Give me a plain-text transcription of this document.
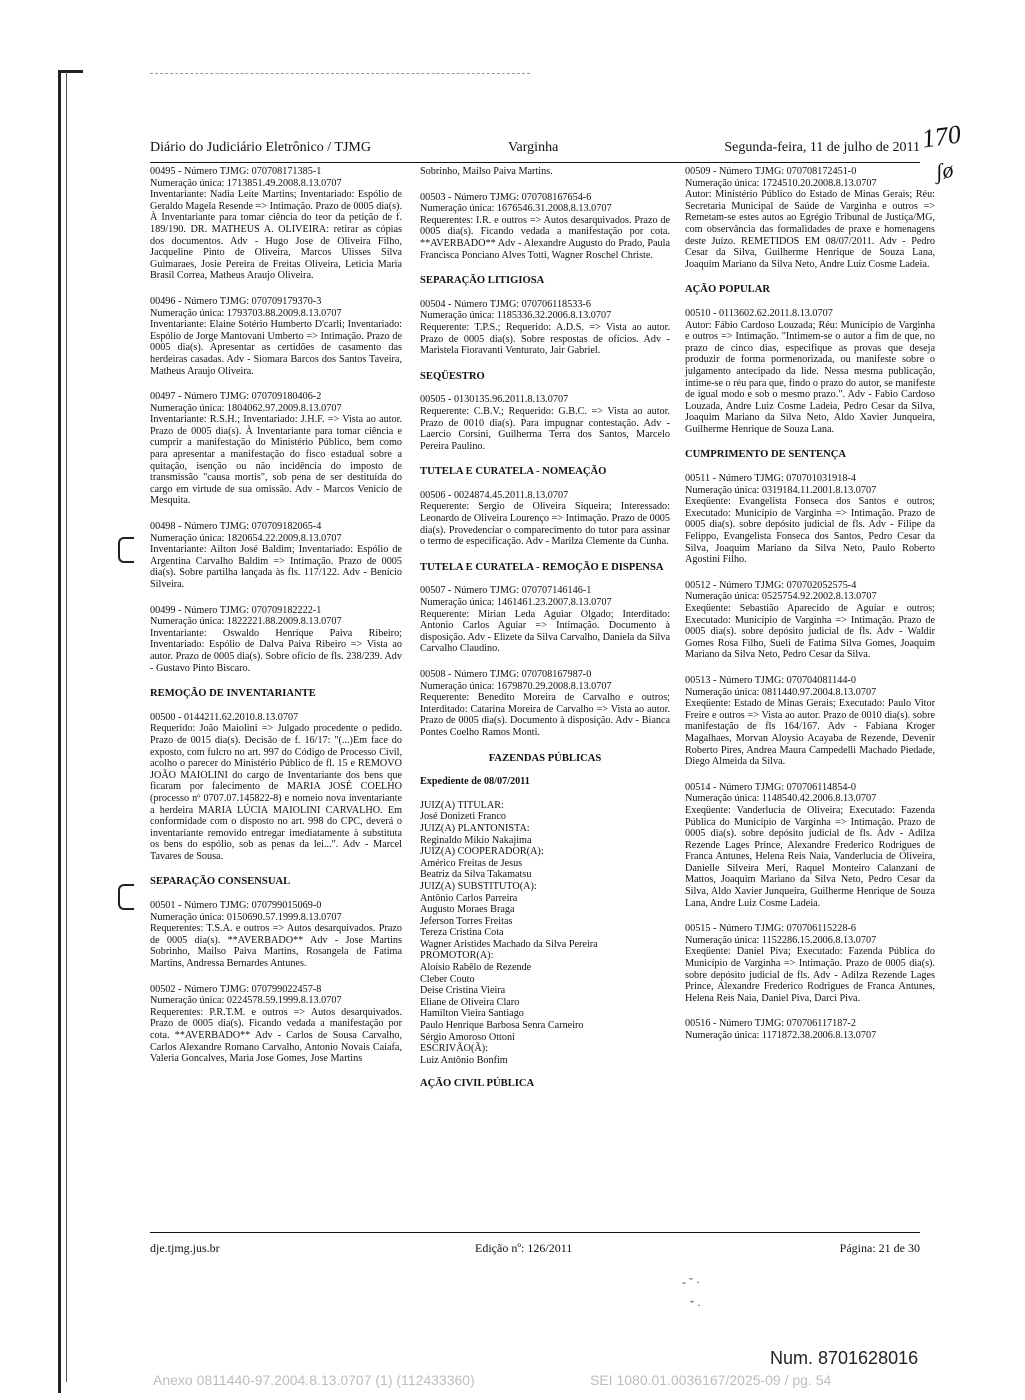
Diário do Judiciário Eletrônico / TJMG	Varginha	Segunda-feira, 11 de julho de 2011 170
ʃø
00495 - Número TJMG: 070708171385-1
Numeração única: 1713851.49.2008.8.13.0707
Inventariante: Nadia Leite Martins; Inventariado: Espólio de Geraldo Magela Resende => Intimação. Prazo de 0005 dia(s). À Inventariante para tomar ciência do teor da petição de f. 189/190. DR. MATHEUS A. OLIVEIRA: retirar as cópias dos documentos. Adv - Hugo Jose de Oliveira Filho, Jacqueline Pinto de Oliveira, Marcos Ulisses Silva Guimaraes, Josie Pereira de Freitas Oliveira, Leticia Maria Brasil Correa, Matheus Araujo Oliveira.
00496 - Número TJMG: 070709179370-3
Numeração única: 1793703.88.2009.8.13.0707
Inventariante: Elaine Sotério Humberto D'carli; Inventariado: Espólio de Jorge Mantovani Umberto => Intimação. Prazo de 0005 dia(s). Apresentar as certidões de casamento das herdeiras casadas. Adv - Siomara Barcos dos Santos Taveira, Matheus Araujo Oliveira.
00497 - Número TJMG: 070709180406-2
Numeração única: 1804062.97.2009.8.13.0707
Inventariante: R.S.H.; Inventariado: J.H.F. => Vista ao autor. Prazo de 0005 dia(s). À Inventariante para tomar ciência e cumprir a manifestação do Ministério Público, bem como para apresentar a manifestação do fisco estadual sobre a quitação, isenção ou não incidência do imposto de transmissão "causa mortis", sob pena de ser destituída do cargo em virtude de sua omissão. Adv - Marcos Venicio de Mesquita.
00498 - Número TJMG: 070709182065-4
Numeração única: 1820654.22.2009.8.13.0707
Inventariante: Ailton José Baldim; Inventariado: Espólio de Argentina Carvalho Baldim => Intimação. Prazo de 0005 dia(s). Sobre partilha lançada às fls. 117/122. Adv - Benício Silveira.
00499 - Número TJMG: 070709182222-1
Numeração única: 1822221.88.2009.8.13.0707
Inventariante: Oswaldo Henrique Paiva Ribeiro; Inventariado: Espólio de Dalva Paiva Ribeiro => Vista ao autor. Prazo de 0005 dia(s). Sobre ofício de fls. 238/239. Adv - Gustavo Pinto Biscaro.
REMOÇÃO DE INVENTARIANTE
00500 - 0144211.62.2010.8.13.0707
Requerido: João Maiolini => Julgado procedente o pedido. Prazo de 0015 dia(s). Decisão de f. 16/17: "(...)Em face do exposto, com fulcro no art. 997 do Código de Processo Civil, acolho o parecer do Ministério Público de fl. 15 e REMOVO JOÃO MAIOLINI do cargo de Inventariante dos bens que ficaram por falecimento de MARIA JOSÉ COELHO (processo nº 0707.07.145822-8) e nomeio nova inventariante a herdeira MARIA LÚCIA MAIOLINI CARVALHO. Em conformidade com o disposto no art. 998 do CPC, deverá o inventariante removido entregar imediatamente à substituta os bens do espólio, sob as penas da lei...". Adv - Marcel Tavares de Sousa.
SEPARAÇÃO CONSENSUAL
00501 - Número TJMG: 070799015069-0
Numeração única: 0150690.57.1999.8.13.0707
Requerentes: T.S.A. e outros => Autos desarquivados. Prazo de 0005 dia(s). **AVERBADO** Adv - Jose Martins Sobrinho, Mailso Paiva Martins, Rosangela de Fatima Martins, Andressa Bernardes Antunes.
00502 - Número TJMG: 070799022457-8
Numeração única: 0224578.59.1999.8.13.0707
Requerentes: P.R.T.M. e outros => Autos desarquivados. Prazo de 0005 dia(s). Ficando vedada a manifestação por cota. **AVERBADO** Adv - Carlos de Sousa Carvalho, Carlos Alexandre Romano Carvalho, Antonio Novais Caiafa, Valeria Goncalves, Maria Jose Gomes, Jose Martins
Sobrinho, Mailso Paiva Martins.
00503 - Número TJMG: 070708167654-6
Numeração única: 1676546.31.2008.8.13.0707
Requerentes: I.R. e outros => Autos desarquivados. Prazo de 0005 dia(s). Ficando vedada a manifestação por cota. **AVERBADO** Adv - Alexandre Augusto do Prado, Paula Francisca Ponciano Alves Totti, Wagner Roschel Christe.
SEPARAÇÃO LITIGIOSA
00504 - Número TJMG: 070706118533-6
Numeração única: 1185336.32.2006.8.13.0707
Requerente: T.P.S.; Requerido: A.D.S. => Vista ao autor. Prazo de 0005 dia(s). Sobre respostas de ofícios. Adv - Maristela Fioravanti Venturato, Jair Gabriel.
SEQÜESTRO
00505 - 0130135.96.2011.8.13.0707
Requerente: C.B.V.; Requerido: G.B.C. => Vista ao autor. Prazo de 0010 dia(s). Para impugnar contestação. Adv - Laercio Corsini, Guilherma Terra dos Santos, Marcelo Pereira Paulino.
TUTELA E CURATELA - NOMEAÇÃO
00506 - 0024874.45.2011.8.13.0707
Requerente: Sergio de Oliveira Siqueira; Interessado: Leonardo de Oliveira Lourenço => Intimação. Prazo de 0005 dia(s). Provedenciar o comparecimento do tutor para assinar o termo de especificação. Adv - Marilza Clemente da Cunha.
TUTELA E CURATELA - REMOÇÃO E DISPENSA
00507 - Número TJMG: 070707146146-1
Numeração única: 1461461.23.2007.8.13.0707
Requerente: Mirian Leda Aguiar Olgado; Interditado: Antonio Carlos Aguiar => Intimação. Documento à disposição. Adv - Elizete da Silva Carvalho, Daniela da Silva Carvalho Claudino.
00508 - Número TJMG: 070708167987-0
Numeração única: 1679870.29.2008.8.13.0707
Requerente: Benedito Moreira de Carvalho e outros; Interditado: Catarina Moreira de Carvalho => Vista ao autor. Prazo de 0005 dia(s). Documento à disposição. Adv - Bianca Pontes Coelho Ramos Monti.
FAZENDAS PÚBLICAS
Expediente de 08/07/2011
JUIZ(A) TITULAR:
José Donizeti Franco
JUIZ(A) PLANTONISTA:
Reginaldo Mikio Nakajima
JUIZ(A) COOPERADOR(A):
Américo Freitas de Jesus
Beatriz da Silva Takamatsu
JUIZ(A) SUBSTITUTO(A):
Antônio Carlos Parreira
Augusto Moraes Braga
Jeferson Torres Freitas
Tereza Cristina Cota
Wagner Aristides Machado da Silva Pereira
PROMOTOR(A):
Aloísio Rabêlo de Rezende
Cleber Couto
Deise Cristina Vieira
Eliane de Oliveira Claro
Hamilton Vieira Santiago
Paulo Henrique Barbosa Senra Carneiro
Sérgio Amoroso Ottoni
ESCRIVÃO(Ã):
Luiz Antônio Bonfim
AÇÃO CIVIL PÚBLICA
00509 - Número TJMG: 070708172451-0
Numeração única: 1724510.20.2008.8.13.0707
Autor: Ministério Público do Estado de Minas Gerais; Réu: Secretaria Municipal de Saúde de Varginha e outros => Remetam-se estes autos ao Egrégio Tribunal de Justiça/MG, com observância das formalidades de praxe e homenagens deste Juízo. REMETIDOS EM 08/07/2011. Adv - Pedro Cesar da Silva, Guilherme Henrique de Souza Lana, Joaquim Mariano da Silva Neto, Andre Luiz Cosme Ladeia.
AÇÃO POPULAR
00510 - 0113602.62.2011.8.13.0707
Autor: Fábio Cardoso Louzada; Réu: Município de Varginha e outros => Intimação. "Intimem-se o autor a fim de que, no prazo de cinco dias, especifique as provas que deseja produzir de forma pormenorizada, ou manifeste sobre o julgamento antecipado da lide. Nessa mesma publicação, intime-se o réu para que, findo o prazo do autor, se manifeste de igual modo e sob o mesmo prazo.". Adv - Fabio Cardoso Louzada, Andre Luiz Cosme Ladeia, Pedro Cesar da Silva, Joaquim Mariano da Silva Neto, Aldo Xavier Junqueira, Guilherme Henrique de Souza Lana.
CUMPRIMENTO DE SENTENÇA
00511 - Número TJMG: 070701031918-4
Numeração única: 0319184.11.2001.8.13.0707
Exeqüente: Evangelista Fonseca dos Santos e outros; Executado: Município de Varginha => Intimação. Prazo de 0005 dia(s). sobre depósito judicial de fls. Adv - Filipe da Felippo, Evangelista Fonseca dos Santos, Pedro Cesar da Silva, Joaquim Mariano da Silva Neto, Paulo Roberto Agostini Filho.
00512 - Número TJMG: 070702052575-4
Numeração única: 0525754.92.2002.8.13.0707
Exeqüente: Sebastião Aparecido de Aguiar e outros; Executado: Município de Varginha => Intimação. Prazo de 0005 dia(s). sobre depósito judicial de fls. Adv - Waldir Gomes Rosa Filho, Sueli de Fatima Silva Gomes, Joaquim Mariano da Silva Neto, Pedro Cesar da Silva.
00513 - Número TJMG: 070704081144-0
Numeração única: 0811440.97.2004.8.13.0707
Exeqüente: Estado de Minas Gerais; Executado: Paulo Vitor Freire e outros => Vista ao autor. Prazo de 0010 dia(s). sobre manifestação de fls 164/167. Adv - Fabiana Kroger Magalhaes, Morvan Aloysio Acayaba de Rezende, Devenir Roberto Pires, Andrea Maura Campedelli Machado Piedade, Diego Almeida da Silva.
00514 - Número TJMG: 070706114854-0
Numeração única: 1148540.42.2006.8.13.0707
Exeqüente: Vanderlucia de Oliveira; Executado: Fazenda Pública do Município de Varginha => Intimação. Prazo de 0005 dia(s). sobre depósito judicial de fls. Adv - Adilza Rezende Lages Prince, Alexandre Frederico Rodrigues de Franca Antunes, Helena Reis Naia, Vanderlucia de Oliveira, Danielle Silveira Meri, Raquel Monteiro Calanzani de Mattos, Joaquim Mariano da Silva Neto, Pedro Cesar da Silva, Aldo Xavier Junqueira, Guilherme Henrique de Souza Lana, Andre Luiz Cosme Ladeia.
00515 - Número TJMG: 070706115228-6
Numeração única: 1152286.15.2006.8.13.0707
Exeqüente: Daniel Piva; Executado: Fazenda Pública do Município de Varginha => Intimação. Prazo de 0005 dia(s). sobre depósito judicial de fls. Adv - Adilza Rezende Lages Prince, Alexandre Frederico Rodrigues de Franca Antunes, Helena Reis Naia, Daniel Piva, Darci Piva.
00516 - Número TJMG: 070706117187-2
Numeração única: 1171872.38.2006.8.13.0707
dje.tjmg.jus.br	Edição nº: 126/2011	Página: 21 de 30
- ˘ ·
ˇ ·
Num. 8701628016
Anexo 0811440-97.2004.8.13.0707 (1) (112433360)	SEI 1080.01.0036167/2025-09 / pg. 54
